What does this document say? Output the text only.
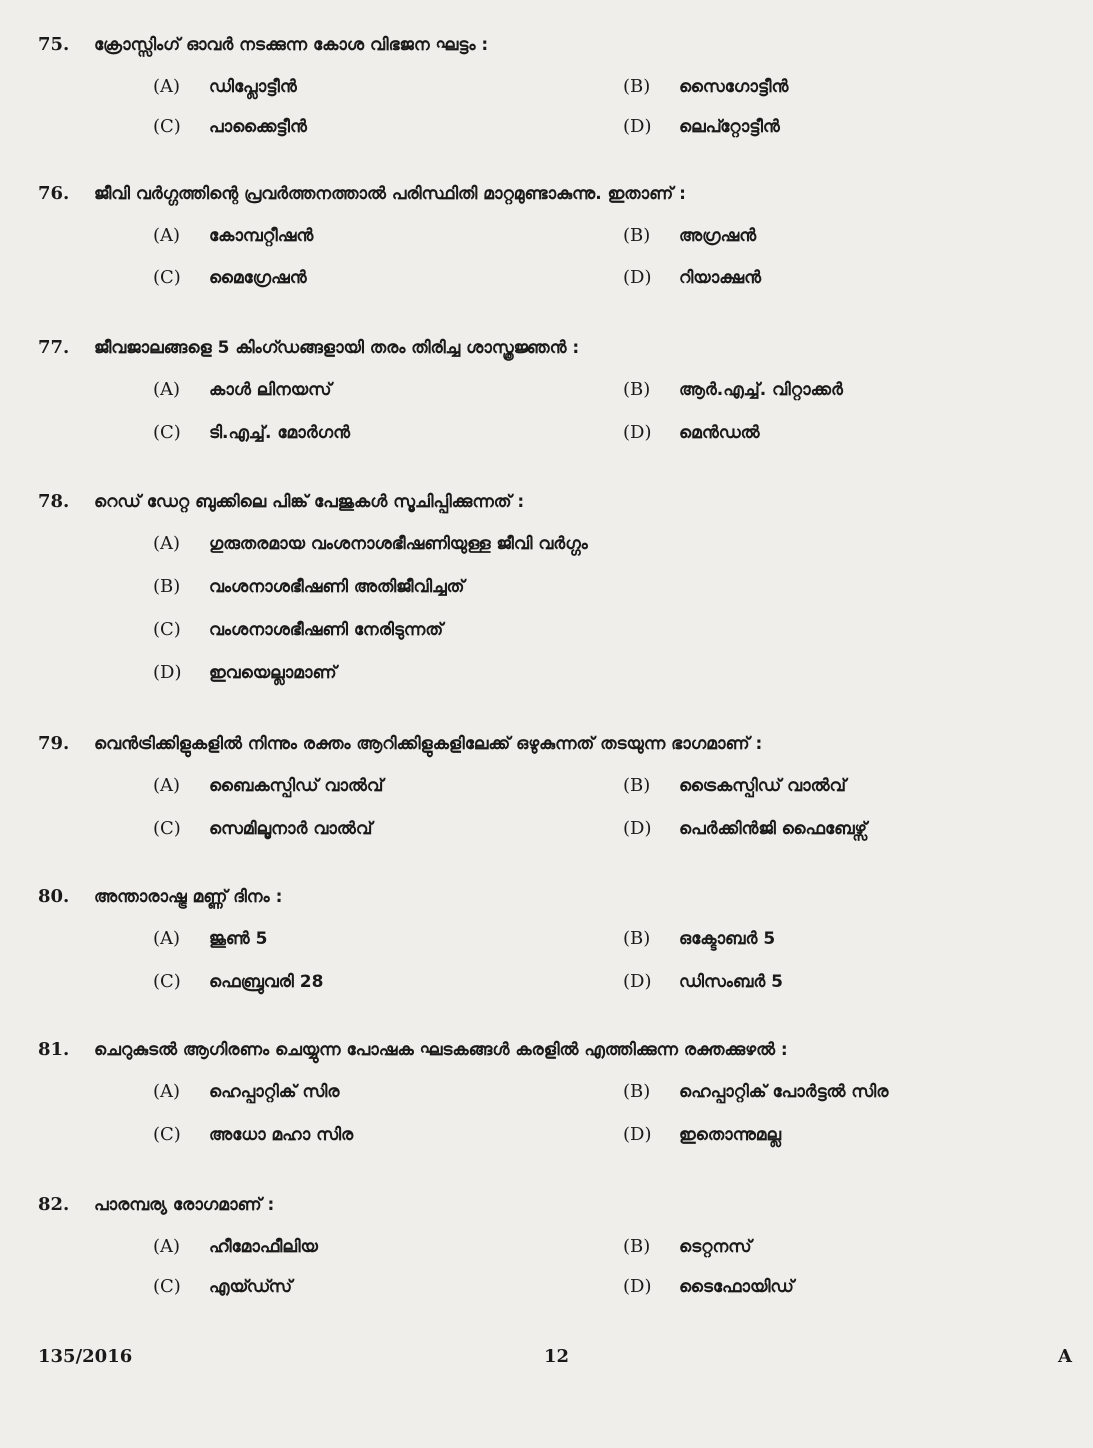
75. ക്രോസ്സിംഗ് ഓവർ നടക്കുന്ന കോശ വിഭജന ഘട്ടം :
(A) ഡിപ്ലോട്ടീൻ	(B) സൈഗോട്ടീൻ
(C) പാക്കൈട്ടീൻ	(D) ലെപ്റ്റോട്ടീൻ
76. ജീവി വർഗ്ഗത്തിന്റെ പ്രവർത്തനത്താൽ പരിസ്ഥിതി മാറ്റമുണ്ടാകുന്നു. ഇതാണ് :
(A) കോമ്പറ്റീഷൻ	(B) അഗ്രഷൻ
(C) മൈഗ്രേഷൻ	(D) റിയാക്ഷൻ
77. ജീവജാലങ്ങളെ 5 കിംഗ്ഡങ്ങളായി തരം തിരിച്ച ശാസ്ത്രജ്ഞൻ :
(A) കാൾ ലിനയസ്	(B) ആർ.എച്ച്. വിറ്റാക്കർ
(C) ടി.എച്ച്. മോർഗൻ	(D) മെൻഡൽ
78. റെഡ് ഡേറ്റ ബുക്കിലെ പിങ്ക് പേജുകൾ സൂചിപ്പിക്കുന്നത് :
(A) ഗുരുതരമായ വംശനാശഭീഷണിയുള്ള ജീവി വർഗ്ഗം
(B) വംശനാശഭീഷണി അതിജീവിച്ചത്
(C) വംശനാശഭീഷണി നേരിടുന്നത്
(D) ഇവയെല്ലാമാണ്
79. വെൻട്രിക്കിളുകളിൽ നിന്നും രക്തം ആറിക്കിളുകളിലേക്ക് ഒഴുകുന്നത് തടയുന്ന ഭാഗമാണ് :
(A) ബൈകസ്പിഡ് വാൽവ്	(B) ട്രൈകസ്പിഡ് വാൽവ്
(C) സെമിലൂനാർ വാൽവ്	(D) പെർക്കിൻജി ഫൈബേഴ്സ്
80. അന്താരാഷ്ട്ര മണ്ണ് ദിനം :
(A) ജൂൺ 5	(B) ഒക്ടോബർ 5
(C) ഫെബ്രുവരി 28	(D) ഡിസംബർ 5
81. ചെറുകുടൽ ആഗിരണം ചെയ്യുന്ന പോഷക ഘടകങ്ങൾ കരളിൽ എത്തിക്കുന്ന രക്തക്കുഴൽ :
(A) ഹെപ്പാറ്റിക് സിര	(B) ഹെപ്പാറ്റിക് പോർട്ടൽ സിര
(C) അധോ മഹാ സിര	(D) ഇതൊന്നുമല്ല
82. പാരമ്പര്യ രോഗമാണ് :
(A) ഹീമോഫീലിയ	(B) ടെറ്റനസ്
(C) എയ്ഡ്സ്	(D) ടൈഫോയിഡ്
135/2016	12	A
